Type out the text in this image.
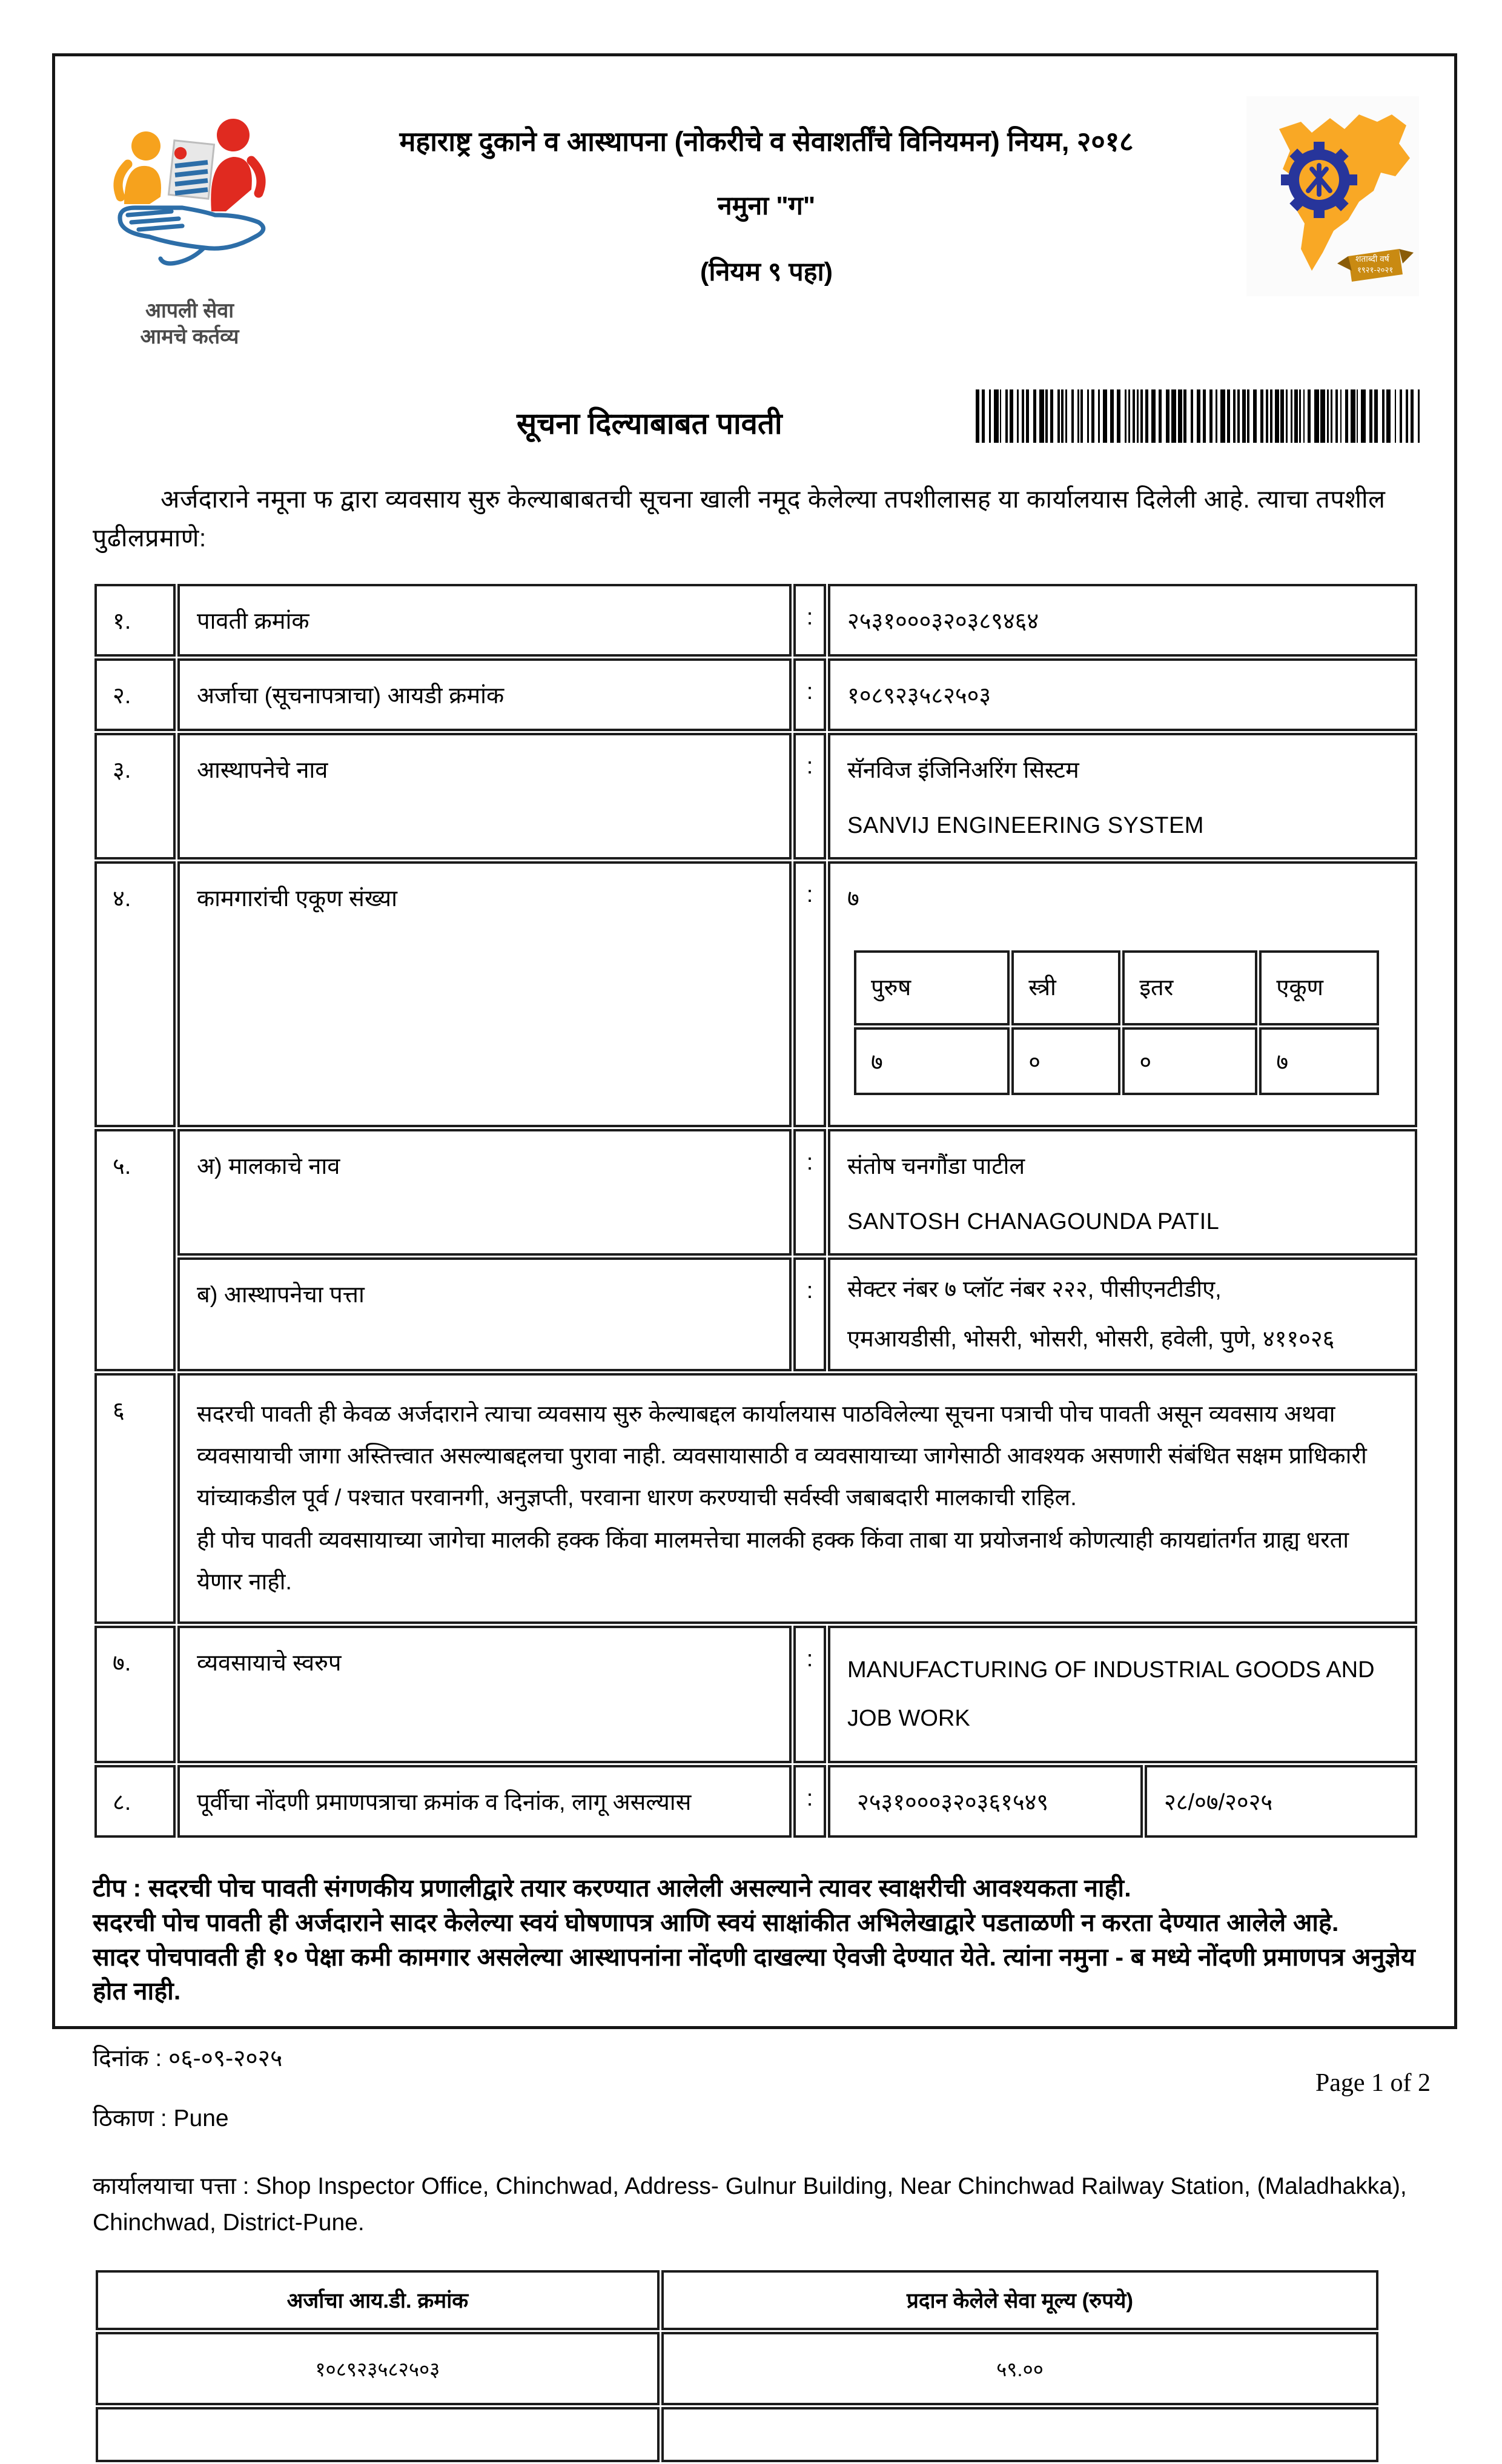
आपली सेवा
आमचे कर्तव्य
महाराष्ट्र दुकाने व आस्थापना (नोकरीचे व सेवाशर्तींचे विनियमन) नियम, २०१८
नमुना "ग"
(नियम ९ पहा)	शताब्दी वर्ष
१९२१-२०२१
सूचना दिल्याबाबत पावती

अर्जदाराने नमूना फ द्वारा व्यवसाय सुरु केल्याबाबतची सूचना खाली नमूद केलेल्या तपशीलासह या कार्यालयास दिलेली आहे. त्याचा तपशील पुढीलप्रमाणे:

१.	पावती क्रमांक	:	२५३१०००३२०३८९४६४
२.	अर्जाचा (सूचनापत्राचा) आयडी क्रमांक	:	१०८९२३५८२५०३
३.	आस्थापनेचे नाव	:	सॅनविज इंजिनिअरिंग सिस्टम
SANVIJ ENGINEERING SYSTEM

४.	कामगारांची एकूण संख्या	:	७
पुरुष	स्त्री	इतर	एकूण
७	०	०	७

५.	अ) मालकाचे नाव	:	संतोष चनगौंडा पाटील
SANTOSH CHANAGOUNDA PATIL

ब) आस्थापनेचा पत्ता	:	सेक्टर नंबर ७ प्लॉट नंबर २२२, पीसीएनटीडीए,
एमआयडीसी, भोसरी, भोसरी, भोसरी, हवेली, पुणे, ४११०२६

६	सदरची पावती ही केवळ अर्जदाराने त्याचा व्यवसाय सुरु केल्याबद्दल कार्यालयास पाठविलेल्या सूचना पत्राची पोच पावती असून व्यवसाय अथवा व्यवसायाची जागा अस्तित्त्वात असल्याबद्दलचा पुरावा नाही. व्यवसायासाठी व व्यवसायाच्या जागेसाठी आवश्यक असणारी संबंधित सक्षम प्राधिकारी यांच्याकडील पूर्व / पश्चात परवानगी, अनुज्ञप्ती, परवाना धारण करण्याची सर्वस्वी जबाबदारी मालकाची राहिल.

ही पोच पावती व्यवसायाच्या जागेचा मालकी हक्क किंवा मालमत्तेचा मालकी हक्क किंवा ताबा या प्रयोजनार्थ कोणत्याही कायद्यांतर्गत ग्राह्य धरता येणार नाही.

७.	व्यवसायाचे स्वरुप	:	MANUFACTURING OF INDUSTRIAL GOODS AND JOB WORK
८.	पूर्वीचा नोंदणी प्रमाणपत्राचा क्रमांक व दिनांक, लागू असल्यास	:	२५३१०००३२०३६१५४९	२८/०७/२०२५
टीप : सदरची पोच पावती संगणकीय प्रणालीद्वारे तयार करण्यात आलेली असल्याने त्यावर स्वाक्षरीची आवश्यकता नाही.
सदरची पोच पावती ही अर्जदाराने सादर केलेल्या स्वयं घोषणापत्र आणि स्वयं साक्षांकीत अभिलेखाद्वारे पडताळणी न करता देण्यात आलेले आहे.
सादर पोचपावती ही १० पेक्षा कमी कामगार असलेल्या आस्थापनांना नोंदणी दाखल्या ऐवजी देण्यात येते. त्यांना नमुना - ब मध्ये नोंदणी प्रमाणपत्र अनुज्ञेय होत नाही.
दिनांक : ०६-०९-२०२५
ठिकाण : Pune
कार्यालयाचा पत्ता : Shop Inspector Office, Chinchwad, Address- Gulnur Building, Near Chinchwad Railway Station, (Maladhakka), Chinchwad, District-Pune.
अर्जाचा आय.डी. क्रमांक	प्रदान केलेले सेवा मूल्य (रुपये)
१०८९२३५८२५०३	५९.००

Page 1 of 2
